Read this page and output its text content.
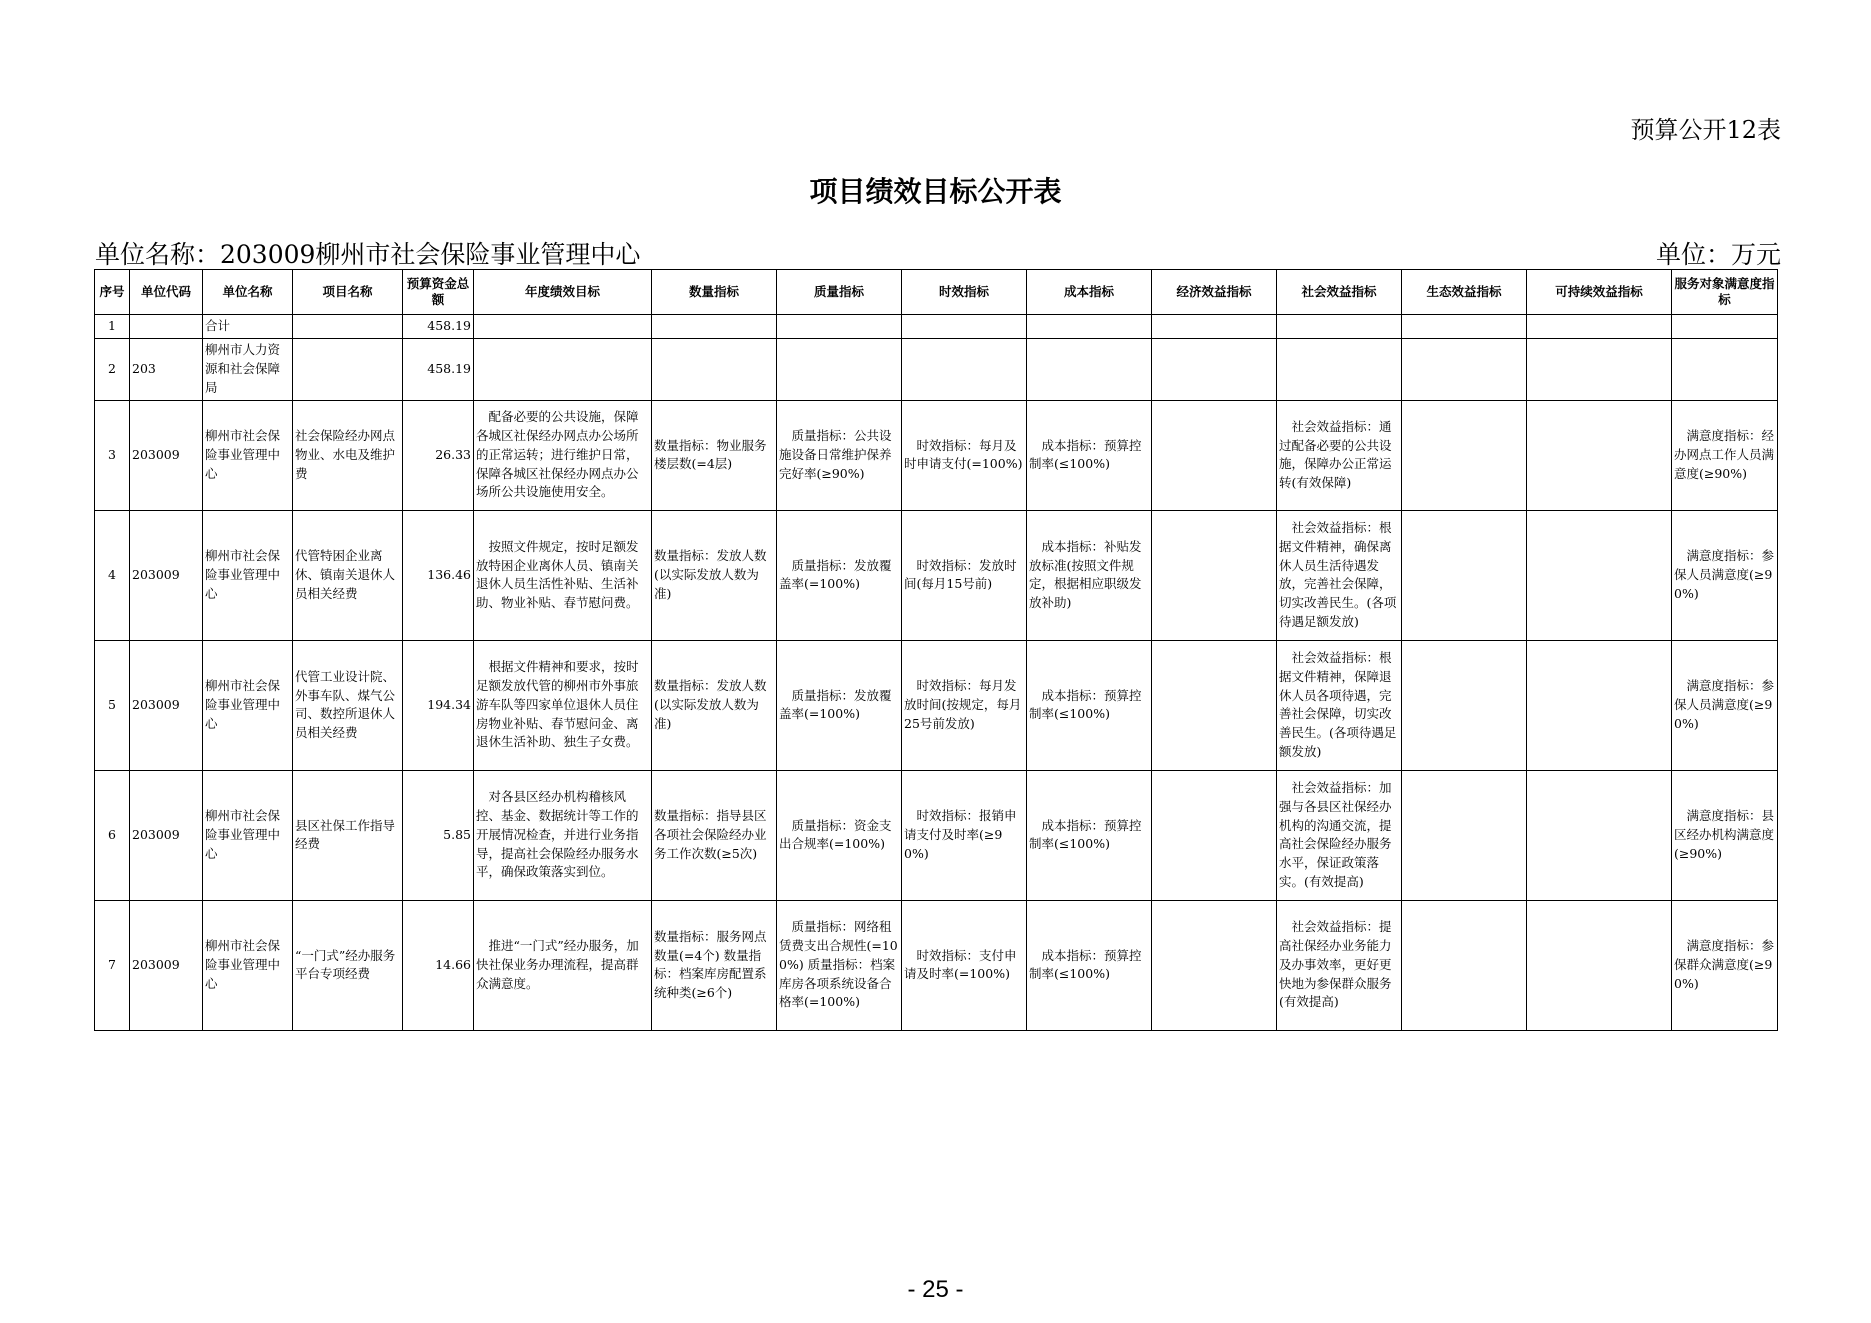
预算公开12表
项目绩效目标公开表
单位名称：203009柳州市社会保险事业管理中心	单位：万元
序号	单位代码	单位名称	项目名称	预算资金总额	年度绩效目标	数量指标	质量指标	时效指标	成本指标	经济效益指标	社会效益指标	生态效益指标	可持续效益指标	服务对象满意度指标
1		合计		458.19										
2	203	柳州市人力资源和社会保障局		458.19										
3	203009	柳州市社会保险事业管理中心	社会保险经办网点物业、水电及维护费	26.33	配备必要的公共设施，保障各城区社保经办网点办公场所的正常运转；进行维护日常，保障各城区社保经办网点办公场所公共设施使用安全。	数量指标：物业服务楼层数(=4层)	质量指标：公共设施设备日常维护保养完好率(≥90%)	时效指标：每月及时申请支付(=100%)	成本指标：预算控制率(≤100%)		社会效益指标：通过配备必要的公共设施，保障办公正常运转(有效保障)			满意度指标：经办网点工作人员满意度(≥90%)
4	203009	柳州市社会保险事业管理中心	代管特困企业离休、镇南关退休人员相关经费	136.46	按照文件规定，按时足额发放特困企业离休人员、镇南关退休人员生活性补贴、生活补助、物业补贴、春节慰问费。	数量指标：发放人数(以实际发放人数为准)	质量指标：发放覆盖率(=100%)	时效指标：发放时间(每月15号前)	成本指标：补贴发放标准(按照文件规定，根据相应职级发放补助)		社会效益指标：根据文件精神，确保离休人员生活待遇发放，完善社会保障，切实改善民生。(各项待遇足额发放)			满意度指标：参保人员满意度(≥90%)
5	203009	柳州市社会保险事业管理中心	代管工业设计院、外事车队、煤气公司、数控所退休人员相关经费	194.34	根据文件精神和要求，按时足额发放代管的柳州市外事旅游车队等四家单位退休人员住房物业补贴、春节慰问金、离退休生活补助、独生子女费。	数量指标：发放人数(以实际发放人数为准)	质量指标：发放覆盖率(=100%)	时效指标：每月发放时间(按规定，每月25号前发放)	成本指标：预算控制率(≤100%)		社会效益指标：根据文件精神，保障退休人员各项待遇，完善社会保障，切实改善民生。(各项待遇足额发放)			满意度指标：参保人员满意度(≥90%)
6	203009	柳州市社会保险事业管理中心	县区社保工作指导经费	5.85	对各县区经办机构稽核风控、基金、数据统计等工作的开展情况检查，并进行业务指导，提高社会保险经办服务水平，确保政策落实到位。	数量指标：指导县区各项社会保险经办业务工作次数(≥5次)	质量指标：资金支出合规率(=100%)	时效指标：报销申请支付及时率(≥90%)	成本指标：预算控制率(≤100%)		社会效益指标：加强与各县区社保经办机构的沟通交流，提高社会保险经办服务水平，保证政策落实。(有效提高)			满意度指标：县区经办机构满意度(≥90%)
7	203009	柳州市社会保险事业管理中心	“一门式”经办服务平台专项经费	14.66	推进“一门式”经办服务，加快社保业务办理流程，提高群众满意度。	数量指标：服务网点数量(=4个) 数量指标：档案库房配置系统种类(≥6个)	质量指标：网络租赁费支出合规性(=100%) 质量指标：档案库房各项系统设备合格率(=100%)	时效指标：支付申请及时率(=100%)	成本指标：预算控制率(≤100%)		社会效益指标：提高社保经办业务能力及办事效率，更好更快地为参保群众服务(有效提高)			满意度指标：参保群众满意度(≥90%)
- 25 -
